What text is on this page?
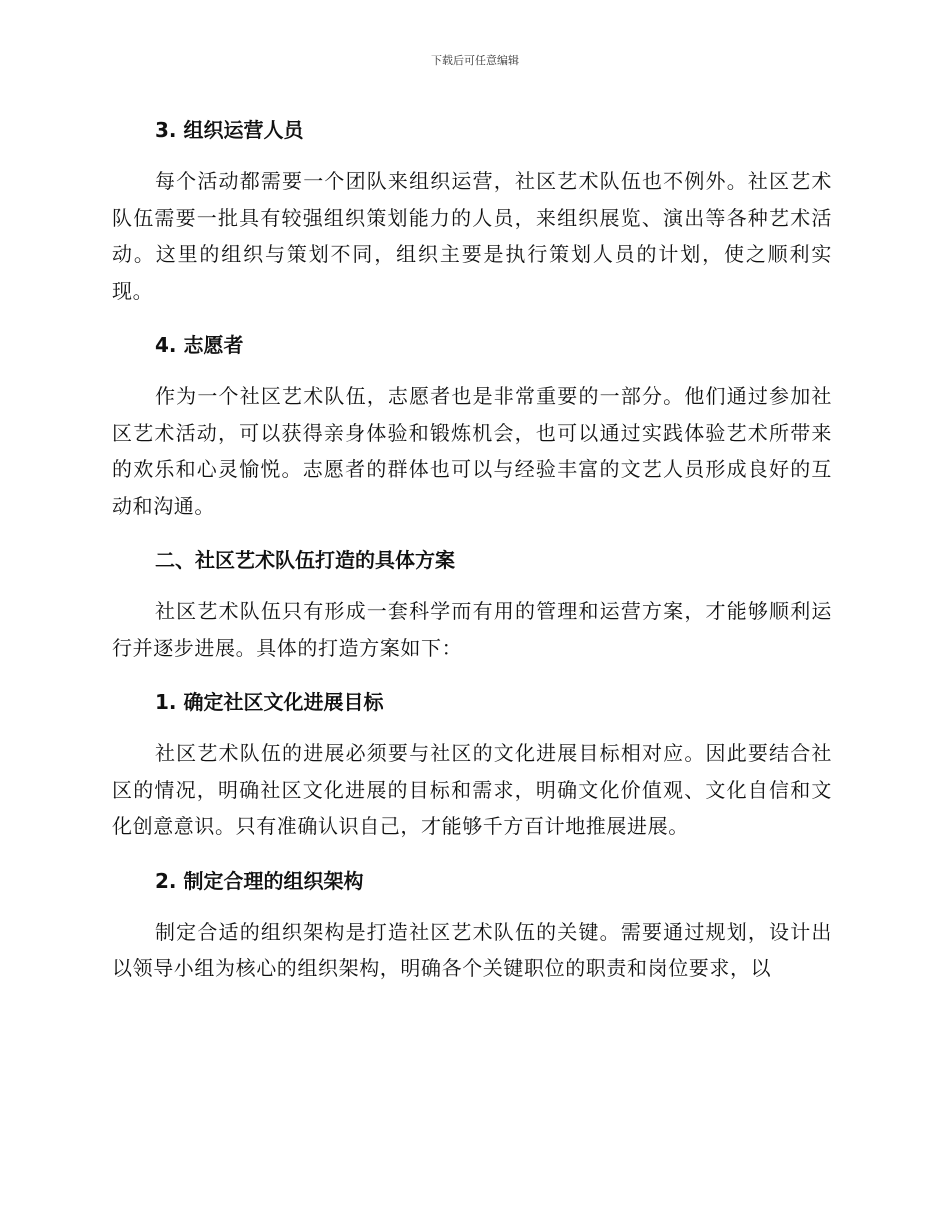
下载后可任意编辑
3. 组织运营人员

每个活动都需要一个团队来组织运营，社区艺术队伍也不例外。社区艺术队伍需要一批具有较强组织策划能力的人员，来组织展览、演出等各种艺术活动。这里的组织与策划不同，组织主要是执行策划人员的计划，使之顺利实现。

4. 志愿者

作为一个社区艺术队伍，志愿者也是非常重要的一部分。他们通过参加社区艺术活动，可以获得亲身体验和锻炼机会，也可以通过实践体验艺术所带来的欢乐和心灵愉悦。志愿者的群体也可以与经验丰富的文艺人员形成良好的互动和沟通。

二、社区艺术队伍打造的具体方案

社区艺术队伍只有形成一套科学而有用的管理和运营方案，才能够顺利运行并逐步进展。具体的打造方案如下：

1. 确定社区文化进展目标

社区艺术队伍的进展必须要与社区的文化进展目标相对应。因此要结合社区的情况，明确社区文化进展的目标和需求，明确文化价值观、文化自信和文化创意意识。只有准确认识自己，才能够千方百计地推展进展。

2. 制定合理的组织架构

制定合适的组织架构是打造社区艺术队伍的关键。需要通过规划，设计出以领导小组为核心的组织架构，明确各个关键职位的职责和岗位要求，以
